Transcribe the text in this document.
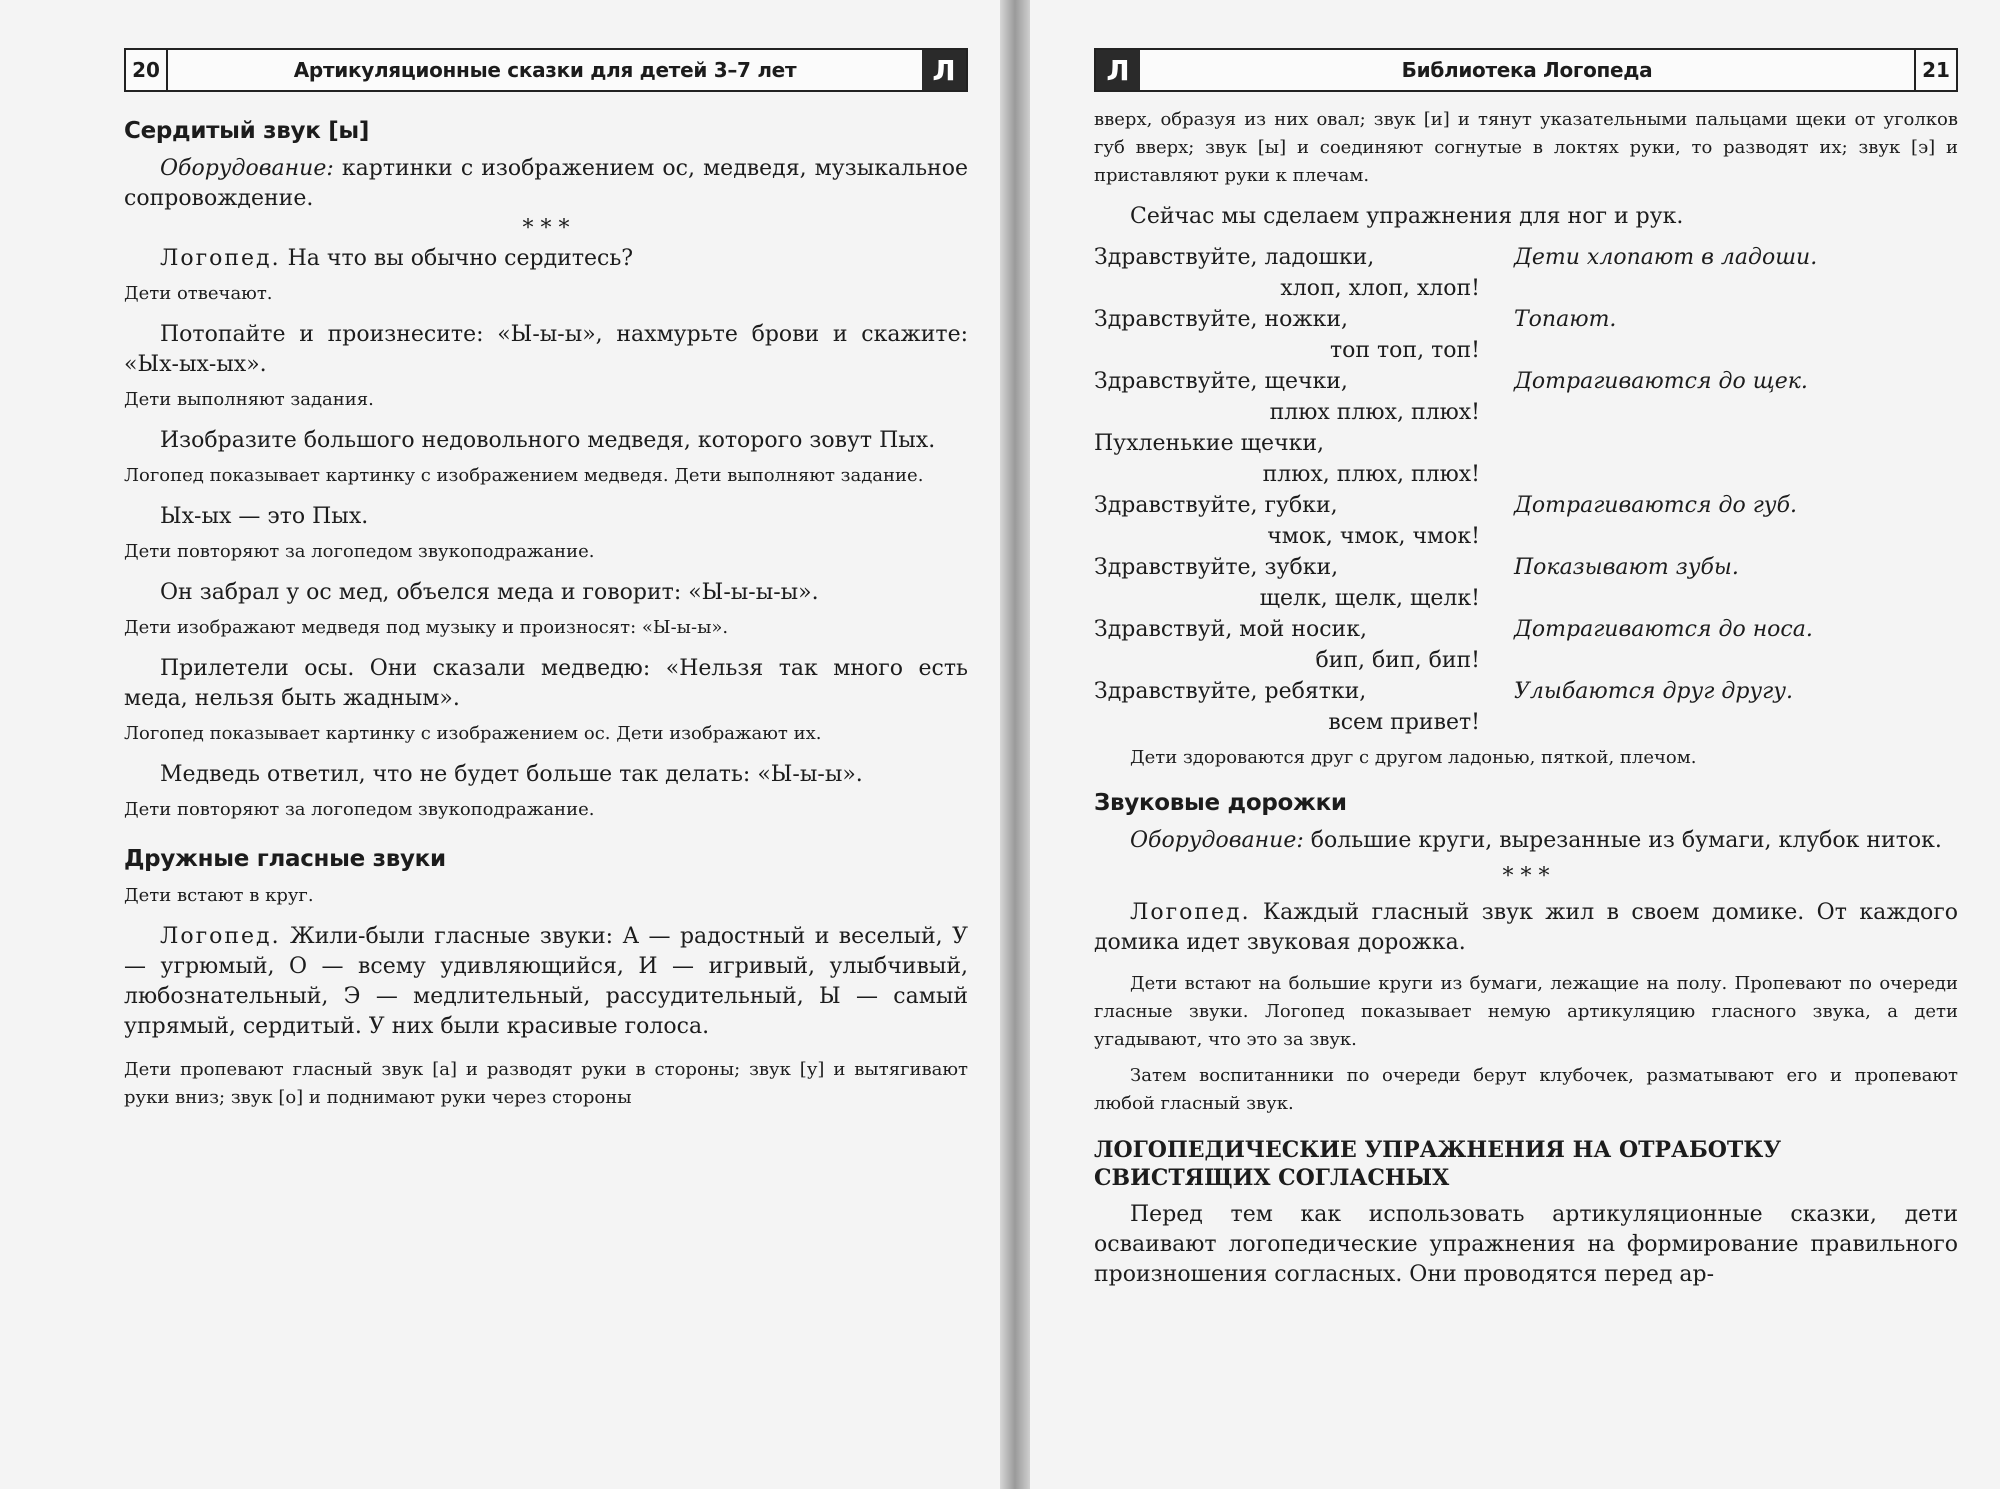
20	Артикуляционные сказки для детей 3–7 лет	Л
Сердитый звук [ы]

Оборудование: картинки с изображением ос, медведя, музыкальное сопровождение.

* * *

Логопед. На что вы обычно сердитесь?

Дети отвечают.

Потопайте и произнесите: «Ы-ы-ы», нахмурьте брови и скажите: «Ых-ых-ых».

Дети выполняют задания.

Изобразите большого недовольного медведя, которого зовут Пых.

Логопед показывает картинку с изображением медведя. Дети выполняют задание.

Ых-ых — это Пых.

Дети повторяют за логопедом звукоподражание.

Он забрал у ос мед, объелся меда и говорит: «Ы-ы-ы-ы».

Дети изображают медведя под музыку и произносят: «Ы-ы-ы».

Прилетели осы. Они сказали медведю: «Нельзя так много есть меда, нельзя быть жадным».

Логопед показывает картинку с изображением ос. Дети изображают их.

Медведь ответил, что не будет больше так делать: «Ы-ы-ы».

Дети повторяют за логопедом звукоподражание.

Дружные гласные звуки

Дети встают в круг.

Логопед. Жили-были гласные звуки: А — радостный и веселый, У — угрюмый, О — всему удивляющийся, И — игривый, улыбчивый, любознательный, Э — медлительный, рассудительный, Ы — самый упрямый, сердитый. У них были красивые голоса.

Дети пропевают гласный звук [а] и разводят руки в стороны; звук [у] и вытягивают руки вниз; звук [о] и поднимают руки через стороны

Л	Библиотека Логопеда	21

вверх, образуя из них овал; звук [и] и тянут указательными пальцами щеки от уголков губ вверх; звук [ы] и соединяют согнутые в локтях руки, то разводят их; звук [э] и приставляют руки к плечам.

Сейчас мы сделаем упражнения для ног и рук.

Здравствуйте, ладошки,	Дети хлопают в ладоши.
хлоп, хлоп, хлоп!
Здравствуйте, ножки,	Топают.
топ топ, топ!
Здравствуйте, щечки,	Дотрагиваются до щек.
плюх плюх, плюх!
Пухленькие щечки,
плюх, плюх, плюх!
Здравствуйте, губки,	Дотрагиваются до губ.
чмок, чмок, чмок!
Здравствуйте, зубки,	Показывают зубы.
щелк, щелк, щелк!
Здравствуй, мой носик,	Дотрагиваются до носа.
бип, бип, бип!
Здравствуйте, ребятки,	Улыбаются друг другу.
всем привет!

Дети здороваются друг с другом ладонью, пяткой, плечом.

Звуковые дорожки

Оборудование: большие круги, вырезанные из бумаги, клубок ниток.

* * *

Логопед. Каждый гласный звук жил в своем домике. От каждого домика идет звуковая дорожка.

Дети встают на большие круги из бумаги, лежащие на полу. Пропевают по очереди гласные звуки. Логопед показывает немую артикуляцию гласного звука, а дети угадывают, что это за звук.

Затем воспитанники по очереди берут клубочек, разматывают его и пропевают любой гласный звук.

ЛОГОПЕДИЧЕСКИЕ УПРАЖНЕНИЯ НА ОТРАБОТКУ СВИСТЯЩИХ СОГЛАСНЫХ

Перед тем как использовать артикуляционные сказки, дети осваивают логопедические упражнения на формирование правильного произношения согласных. Они проводятся перед ар-
